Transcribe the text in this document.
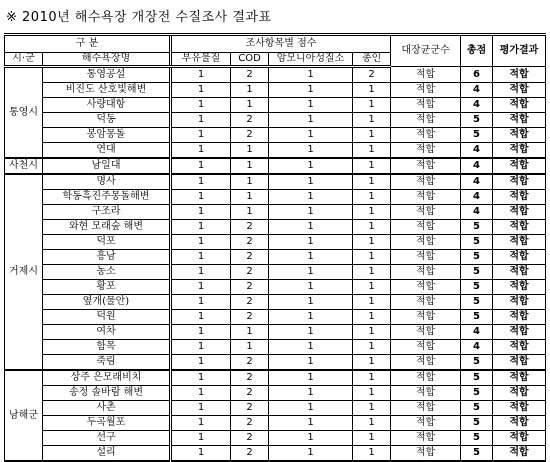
※ 2010년 해수욕장 개장전 수질조사 결과표
구 분		조사항목별 점수				대장균군수	총점	평가결과
시·군	해수욕장명	부유물질	COD	암모니아성질소	총인			
통영시	통영공설	1	2	1	2	적합	6	적합
	비진도 산호빛해변	1	1	1	1	적합	4	적합
	사량대항	1	1	1	1	적합	4	적합
	덕동	1	2	1	1	적합	5	적합
	봉암몽돌	1	2	1	1	적합	5	적합
	연대	1	1	1	1	적합	4	적합
사천시	남일대	1	1	1	1	적합	4	적합
거제시	명사	1	1	1	1	적합	4	적합
	학동흑진주몽돌해변	1	1	1	1	적합	4	적합
	구조라	1	1	1	1	적합	4	적합
	와현 모래숲 해변	1	2	1	1	적합	5	적합
	덕포	1	2	1	1	적합	5	적합
	흥남	1	2	1	1	적합	5	적합
	농소	1	2	1	1	적합	5	적합
	황포	1	2	1	1	적합	5	적합
	옆개(물안)	1	2	1	1	적합	5	적합
	덕원	1	2	1	1	적합	5	적합
	여차	1	1	1	1	적합	4	적합
	함목	1	1	1	1	적합	4	적합
	죽림	1	2	1	1	적합	5	적합
남해군	상주 은모래비치	1	2	1	1	적합	5	적합
	송정 솔바람 해변	1	2	1	1	적합	5	적합
	사촌	1	2	1	1	적합	5	적합
	두곡월포	1	2	1	1	적합	5	적합
	선구	1	2	1	1	적합	5	적합
	설리	1	2	1	1	적합	5	적합
